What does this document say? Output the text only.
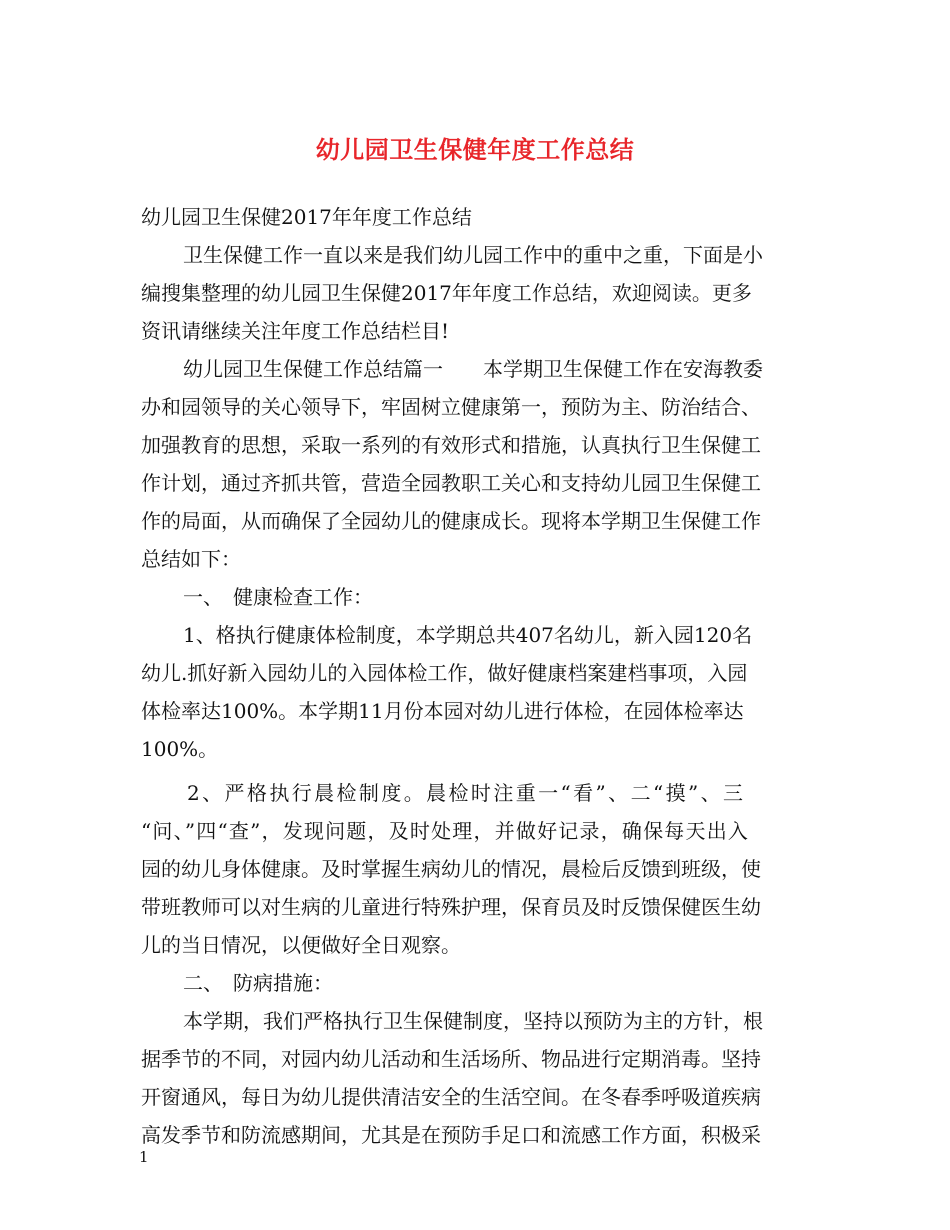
幼儿园卫生保健年度工作总结
幼儿园卫生保健2017年年度工作总结
卫生保健工作一直以来是我们幼儿园工作中的重中之重，下面是小
编搜集整理的幼儿园卫生保健2017年年度工作总结，欢迎阅读。更多
资讯请继续关注年度工作总结栏目!
幼儿园卫生保健工作总结篇一　　本学期卫生保健工作在安海教委
办和园领导的关心领导下，牢固树立健康第一，预防为主、防治结合、
加强教育的思想，采取一系列的有效形式和措施，认真执行卫生保健工
作计划，通过齐抓共管，营造全园教职工关心和支持幼儿园卫生保健工
作的局面，从而确保了全园幼儿的健康成长。现将本学期卫生保健工作
总结如下：
一、　健康检查工作：
1、格执行健康体检制度，本学期总共407名幼儿，新入园120名
幼儿.抓好新入园幼儿的入园体检工作，做好健康档案建档事项，入园
体检率达100%。本学期11月份本园对幼儿进行体检，在园体检率达
100%。
2、严格执行晨检制度。晨检时注重一“看”、二“摸”、三
“问、”四“查”，发现问题，及时处理，并做好记录，确保每天出入
园的幼儿身体健康。及时掌握生病幼儿的情况，晨检后反馈到班级，使
带班教师可以对生病的儿童进行特殊护理，保育员及时反馈保健医生幼
儿的当日情况，以便做好全日观察。
二、　防病措施：
本学期，我们严格执行卫生保健制度，坚持以预防为主的方针，根
据季节的不同，对园内幼儿活动和生活场所、物品进行定期消毒。坚持
开窗通风，每日为幼儿提供清洁安全的生活空间。在冬春季呼吸道疾病
高发季节和防流感期间，尤其是在预防手足口和流感工作方面，积极采
1
